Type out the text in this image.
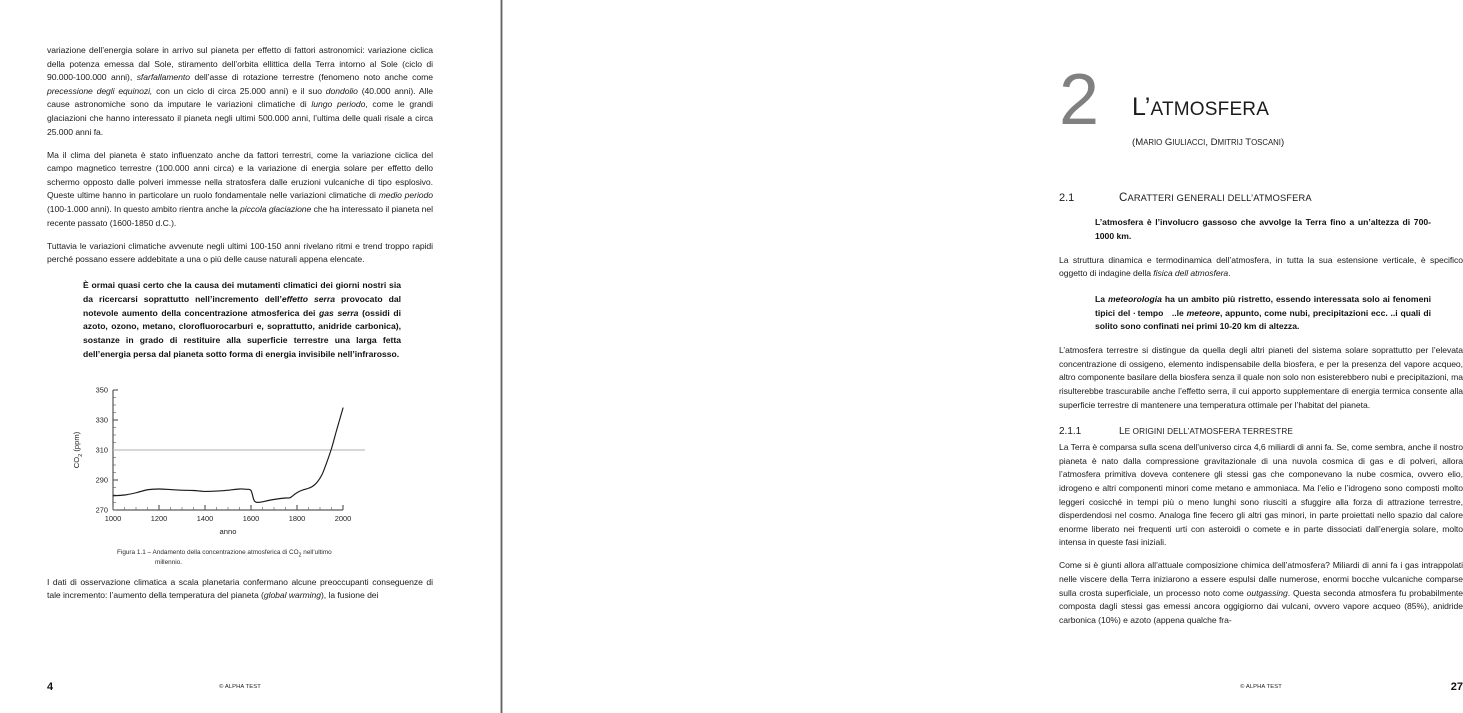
variazione dell’energia solare in arrivo sul pianeta per effetto di fattori astronomici: variazione ciclica della potenza emessa dal Sole, stiramento dell’orbita ellittica della Terra intorno al Sole (ciclo di 90.000-100.000 anni), sfarfallamento dell’asse di rotazione terrestre (fenomeno noto anche come precessione degli equinozi, con un ciclo di circa 25.000 anni) e il suo dondolio (40.000 anni). Alle cause astronomiche sono da imputare le variazioni climatiche di lungo periodo, come le grandi glaciazioni che hanno interessato il pianeta negli ultimi 500.000 anni, l’ultima delle quali risale a circa 25.000 anni fa.

Ma il clima del pianeta è stato influenzato anche da fattori terrestri, come la variazione ciclica del campo magnetico terrestre (100.000 anni circa) e la variazione di energia solare per effetto dello schermo opposto dalle polveri immesse nella stratosfera dalle eruzioni vulcaniche di tipo esplosivo. Queste ultime hanno in particolare un ruolo fondamentale nelle variazioni climatiche di medio periodo (100-1.000 anni). In questo ambito rientra anche la piccola glaciazione che ha interessato il pianeta nel recente passato (1600-1850 d.C.).

Tuttavia le variazioni climatiche avvenute negli ultimi 100-150 anni rivelano ritmi e trend troppo rapidi perché possano essere addebitate a una o più delle cause naturali appena elencate.

È ormai quasi certo che la causa dei mutamenti climatici dei giorni nostri sia da ricercarsi soprattutto nell’incremento dell’effetto serra provocato dal notevole aumento della concentrazione atmosferica dei gas serra (ossidi di azoto, ozono, metano, clorofluorocarburi e, soprattutto, anidride carbonica), sostanze in grado di restituire alla superficie terrestre una larga fetta dell’energia persa dal pianeta sotto forma di energia invisibile nell’infrarosso.

270
290
310
330
350
1000	1200	1400	1600	1800	2000
anno
$CO_2$ (ppm)
Figura 1.1 – Andamento della concentrazione atmosferica di $CO_2$ nell’ultimo
millennio.

I dati di osservazione climatica a scala planetaria confermano alcune preoccupanti conseguenze di tale incremento: l’aumento della temperatura del pianeta (global warming), la fusione dei

4	© ALPHA TEST
2 L’ATMOSFERA
(MARIO GIULIACCI, DMITRIJ TOSCANI)
2.1	CARATTERI GENERALI DELL’ATMOSFERA

L’atmosfera è l’involucro gassoso che avvolge la Terra fino a un’altezza di 700-1000 km.

La struttura dinamica e termodinamica dell’atmosfera, in tutta la sua estensione verticale, è specifico oggetto di indagine della fisica dell atmosfera.

La meteorologia ha un ambito più ristretto, essendo interessata solo ai fenomeni tipici del · tempo   ..le meteore, appunto, come nubi, precipitazioni ecc. ..i quali di solito sono confinati nei primi 10-20 km di altezza.

L’atmosfera terrestre si distingue da quella degli altri pianeti del sistema solare soprattutto per l’elevata concentrazione di ossigeno, elemento indispensabile della biosfera, e per la presenza del vapore acqueo, altro componente basilare della biosfera senza il quale non solo non esisterebbero nubi e precipitazioni, ma risulterebbe trascurabile anche l’effetto serra, il cui apporto supplementare di energia termica consente alla superficie terrestre di mantenere una temperatura ottimale per l’habitat del pianeta.

2.1.1	LE ORIGINI DELL’ATMOSFERA TERRESTRE

La Terra è comparsa sulla scena dell’universo circa 4,6 miliardi di anni fa. Se, come sembra, anche il nostro pianeta è nato dalla compressione gravitazionale di una nuvola cosmica di gas e di polveri, allora l’atmosfera primitiva doveva contenere gli stessi gas che componevano la nube cosmica, ovvero elio, idrogeno e altri componenti minori come metano e ammoniaca. Ma l’elio e l’idrogeno sono composti molto leggeri cosicché in tempi più o meno lunghi sono riusciti a sfuggire alla forza di attrazione terrestre, disperdendosi nel cosmo. Analoga fine fecero gli altri gas minori, in parte proiettati nello spazio dal calore enorme liberato nei frequenti urti con asteroidi o comete e in parte dissociati dall’energia solare, molto intensa in queste fasi iniziali.

Come si è giunti allora all’attuale composizione chimica dell’atmosfera? Miliardi di anni fa i gas intrappolati nelle viscere della Terra iniziarono a essere espulsi dalle numerose, enormi bocche vulcaniche comparse sulla crosta superficiale, un processo noto come outgassing. Questa seconda atmosfera fu probabilmente composta dagli stessi gas emessi ancora oggigiorno dai vulcani, ovvero vapore acqueo (85%), anidride carbonica (10%) e azoto (appena qualche fra-

© ALPHA TEST	27
